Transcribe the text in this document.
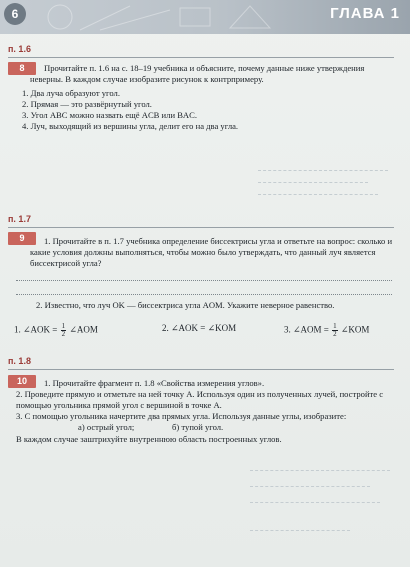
6	ГЛАВА 1
п. 1.6
8	Прочитайте п. 1.6 на с. 18–19 учебника и объясните, почему данные ниже утверждения неверны. В каждом случае изобразите рисунок к контрпримеру.
1. Два луча образуют угол.
2. Прямая — это развёрнутый угол.
3. Угол ABC можно назвать ещё ACB или BAC.
4. Луч, выходящий из вершины угла, делит его на два угла.
п. 1.7
9	1. Прочитайте в п. 1.7 учебника определение биссектрисы угла и ответьте на вопрос: сколько и какие условия должны выполняться, чтобы можно было утверждать, что данный луч является биссектрисой угла?
2. Известно, что луч OK — биссектриса угла AOM. Укажите неверное равенство.
1. ∠AOK = $\frac{1}{2}$ ∠AOM	2. ∠AOK = ∠KOM	3. ∠AOM = $\frac{1}{2}$ ∠KOM
п. 1.8
10	1. Прочитайте фрагмент п. 1.8 «Свойства измерения углов».
2. Проведите прямую и отметьте на ней точку A. Используя один из полученных лучей, постройте с помощью угольника прямой угол с вершиной в точке A.
3. С помощью угольника начертите два прямых угла. Используя данные углы, изобразите:
а) острый угол;	б) тупой угол.
В каждом случае заштрихуйте внутреннюю область построенных углов.
